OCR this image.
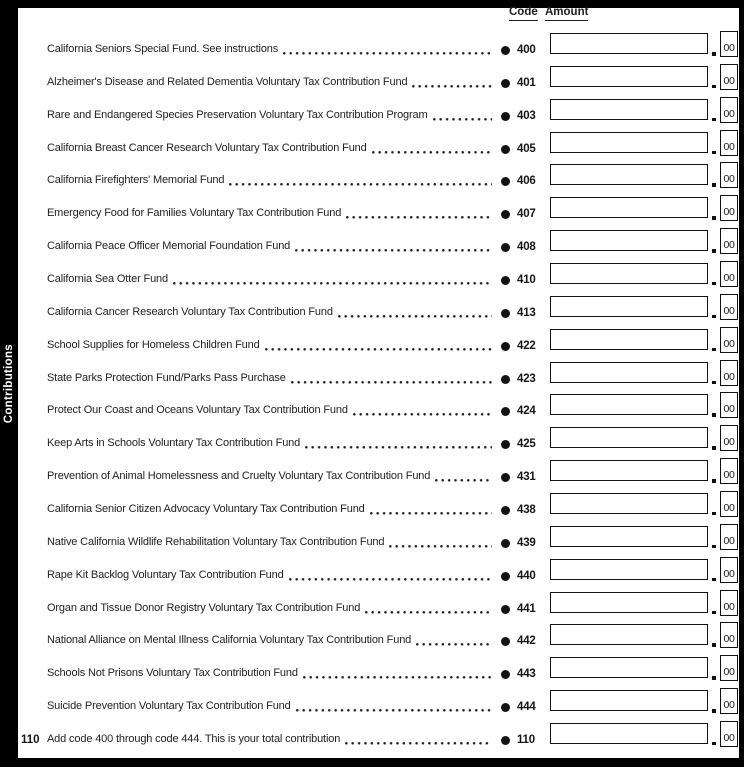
Contributions
Code Amount
California Seniors Special Fund. See instructions	400	00
Alzheimer's Disease and Related Dementia Voluntary Tax Contribution Fund	401	00
Rare and Endangered Species Preservation Voluntary Tax Contribution Program	403	00
California Breast Cancer Research Voluntary Tax Contribution Fund	405	00
California Firefighters' Memorial Fund	406	00
Emergency Food for Families Voluntary Tax Contribution Fund	407	00
California Peace Officer Memorial Foundation Fund	408	00
California Sea Otter Fund	410	00
California Cancer Research Voluntary Tax Contribution Fund	413	00
School Supplies for Homeless Children Fund	422	00
State Parks Protection Fund/Parks Pass Purchase	423	00
Protect Our Coast and Oceans Voluntary Tax Contribution Fund	424	00
Keep Arts in Schools Voluntary Tax Contribution Fund	425	00
Prevention of Animal Homelessness and Cruelty Voluntary Tax Contribution Fund	431	00
California Senior Citizen Advocacy Voluntary Tax Contribution Fund	438	00
Native California Wildlife Rehabilitation Voluntary Tax Contribution Fund	439	00
Rape Kit Backlog Voluntary Tax Contribution Fund	440	00
Organ and Tissue Donor Registry Voluntary Tax Contribution Fund	441	00
National Alliance on Mental Illness California Voluntary Tax Contribution Fund	442	00
Schools Not Prisons Voluntary Tax Contribution Fund	443	00
Suicide Prevention Voluntary Tax Contribution Fund	444	00
110 Add code 400 through code 444. This is your total contribution	110	00
